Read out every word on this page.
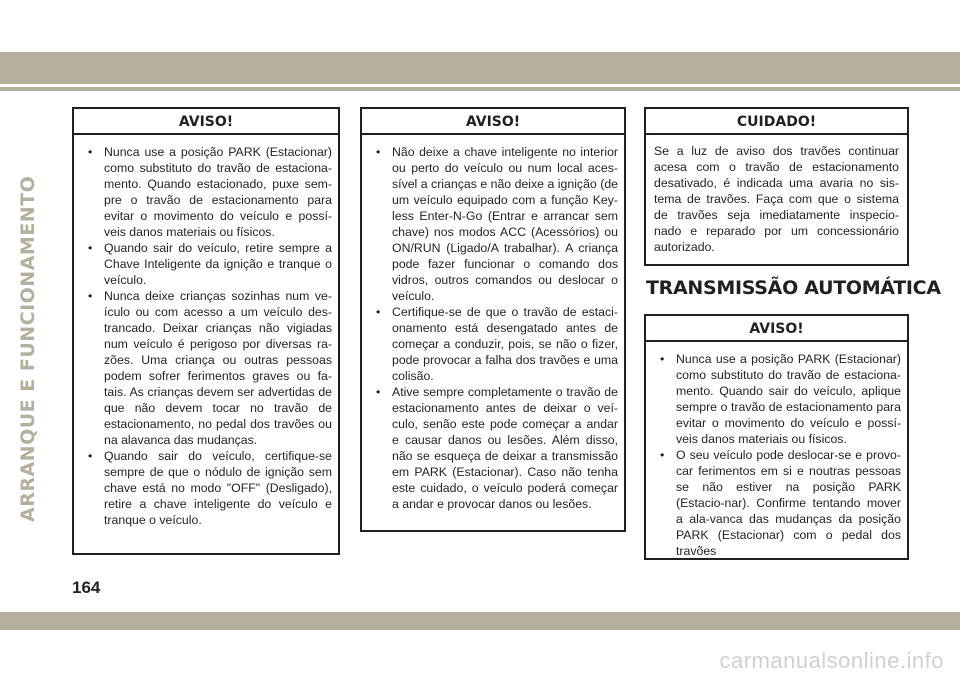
ARRANQUE E FUNCIONAMENTO
AVISO!
• Nunca use a posição PARK (Estacionar) como substituto do travão de estaciona-mento. Quando estacionado, puxe sem-pre o travão de estacionamento para evitar o movimento do veículo e possí-veis danos materiais ou físicos.
• Quando sair do veículo, retire sempre a Chave Inteligente da ignição e tranque o veículo.
• Nunca deixe crianças sozinhas num ve-ículo ou com acesso a um veículo des-trancado. Deixar crianças não vigiadas num veículo é perigoso por diversas ra-zões. Uma criança ou outras pessoas podem sofrer ferimentos graves ou fa-tais. As crianças devem ser advertidas de que não devem tocar no travão de estacionamento, no pedal dos travões ou na alavanca das mudanças.
• Quando sair do veículo, certifique-se sempre de que o nódulo de ignição sem chave está no modo "OFF" (Desligado), retire a chave inteligente do veículo e tranque o veículo.
AVISO!
• Não deixe a chave inteligente no interior ou perto do veículo ou num local aces-sível a crianças e não deixe a ignição (de um veículo equipado com a função Key-less Enter-N-Go (Entrar e arrancar sem chave) nos modos ACC (Acessórios) ou ON/RUN (Ligado/A trabalhar). A criança pode fazer funcionar o comando dos vidros, outros comandos ou deslocar o veículo.
• Certifique-se de que o travão de estaci-onamento está desengatado antes de começar a conduzir, pois, se não o fizer, pode provocar a falha dos travões e uma colisão.
• Ative sempre completamente o travão de estacionamento antes de deixar o veí-culo, senão este pode começar a andar e causar danos ou lesões. Além disso, não se esqueça de deixar a transmissão em PARK (Estacionar). Caso não tenha este cuidado, o veículo poderá começar a andar e provocar danos ou lesões.
CUIDADO!

Se a luz de aviso dos travões continuar acesa com o travão de estacionamento desativado, é indicada uma avaria no sis-tema de travões. Faça com que o sistema de travões seja imediatamente inspecio-nado e reparado por um concessionário autorizado.

TRANSMISSÃO AUTOMÁTICA
AVISO!
• Nunca use a posição PARK (Estacionar) como substituto do travão de estaciona-mento. Quando sair do veículo, aplique sempre o travão de estacionamento para evitar o movimento do veículo e possí-veis danos materiais ou físicos.
• O seu veículo pode deslocar-se e provo-car ferimentos em si e noutras pessoas se não estiver na posição PARK (Estacio-nar). Confirme tentando mover a ala-vanca das mudanças da posição PARK (Estacionar) com o pedal dos travões
164
carmanualsonline.info
